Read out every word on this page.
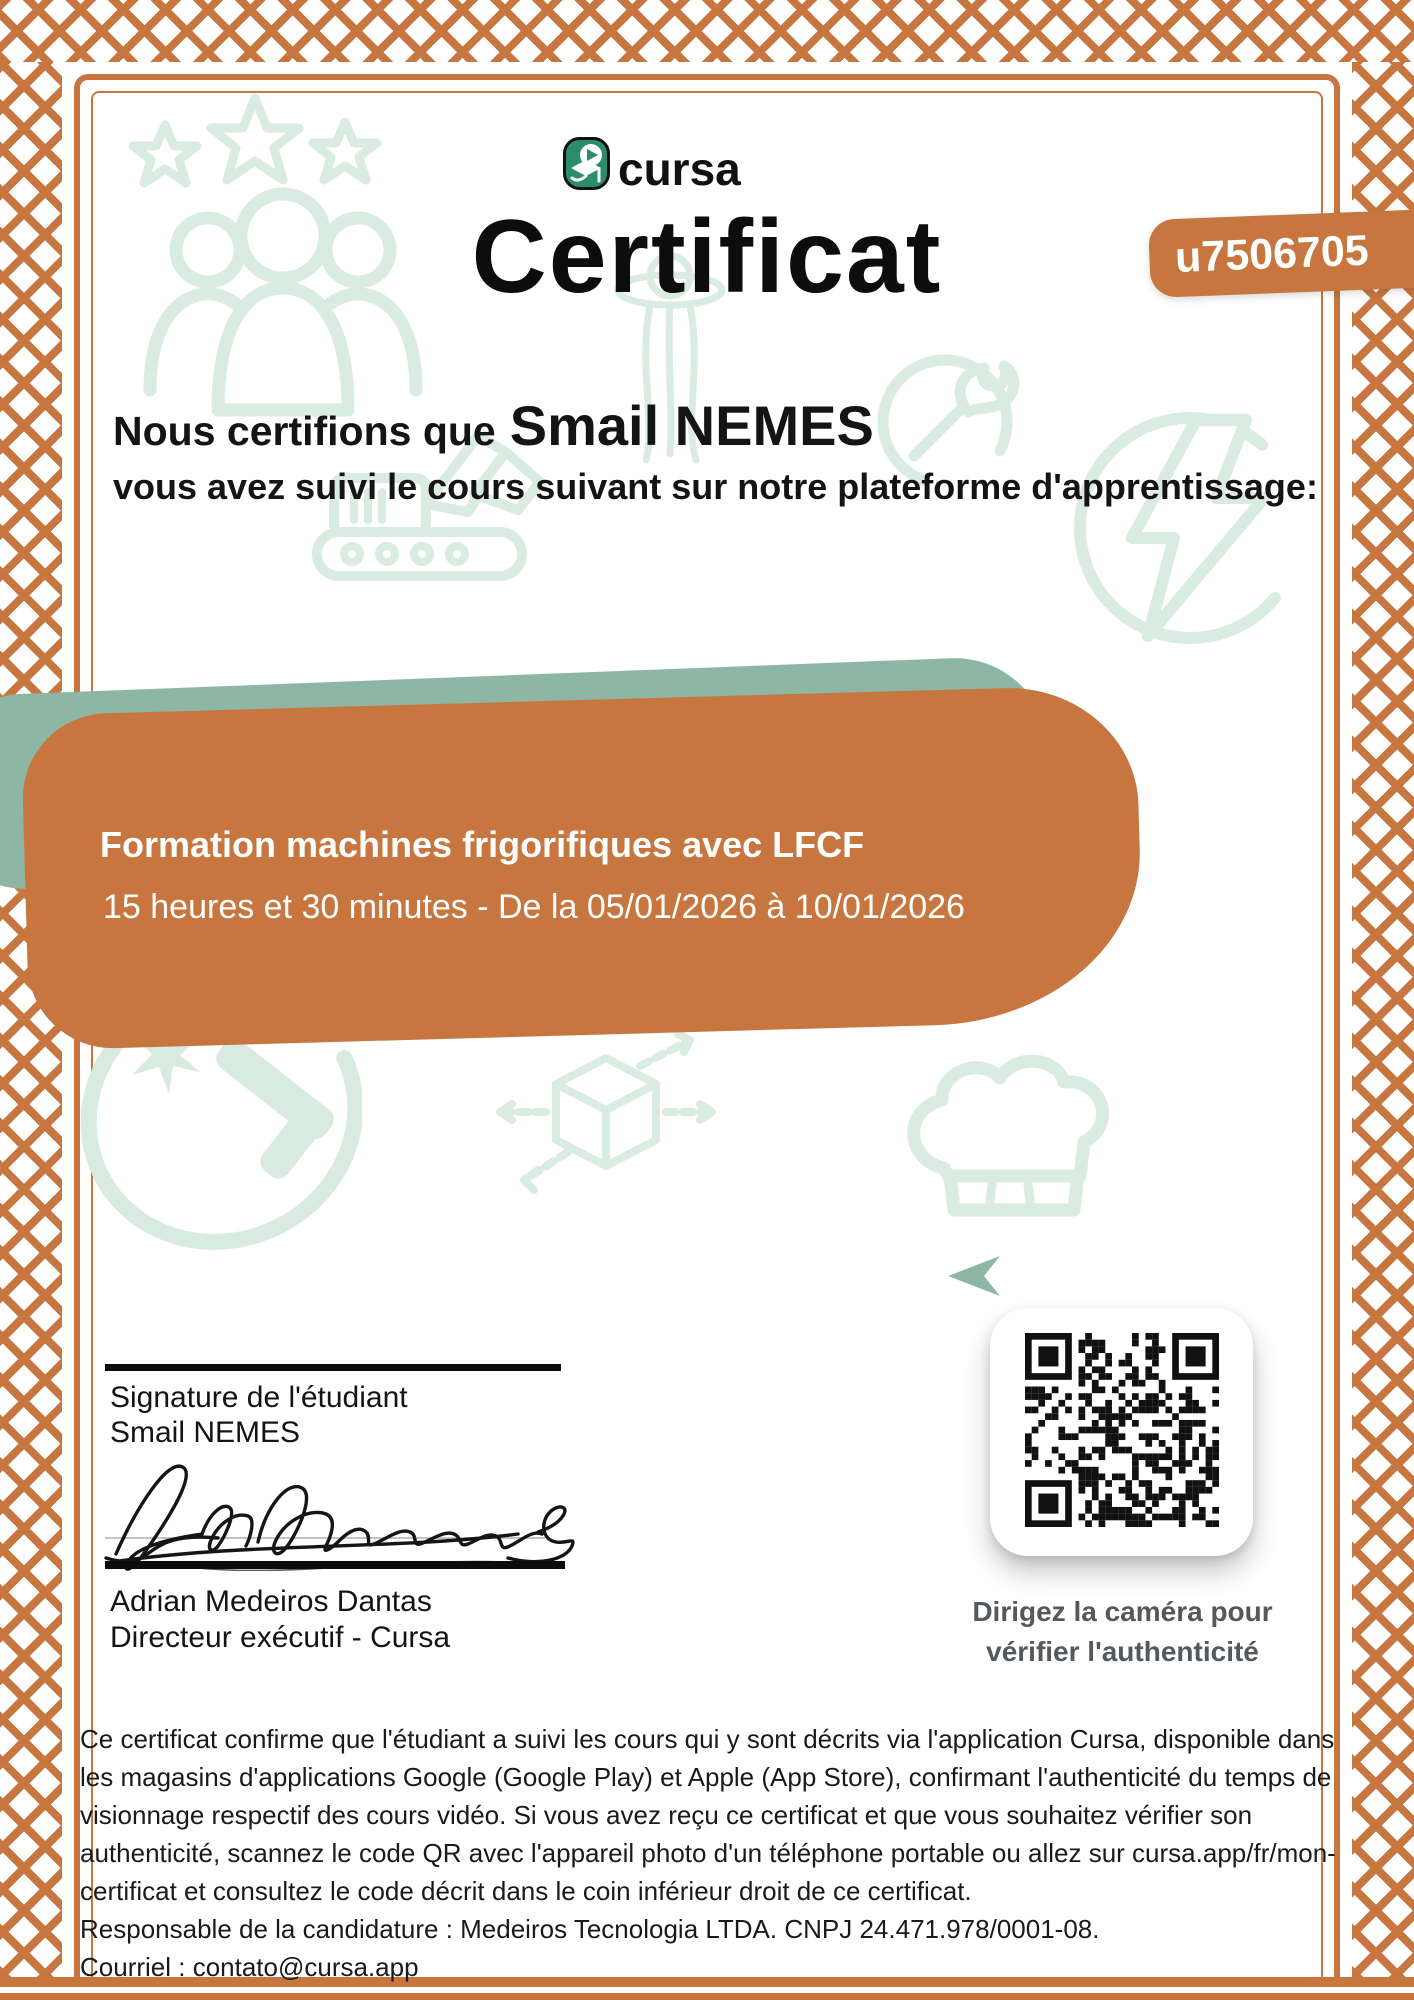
cursa
Certificat	u7506705
Nous certifions que Smail NEMES
vous avez suivi le cours suivant sur notre plateforme d'apprentissage:
Formation machines frigorifiques avec LFCF
15 heures et 30 minutes - De la 05/01/2026 à 10/01/2026
Signature de l'étudiant
Smail NEMES
Adrian Medeiros Dantas
Directeur exécutif - Cursa
Dirigez la caméra pour
vérifier l'authenticité

Ce certificat confirme que l'étudiant a suivi les cours qui y sont décrits via l'application Cursa, disponible dans les magasins d'applications Google (Google Play) et Apple (App Store), confirmant l'authenticité du temps de visionnage respectif des cours vidéo. Si vous avez reçu ce certificat et que vous souhaitez vérifier son authenticité, scannez le code QR avec l'appareil photo d'un téléphone portable ou allez sur cursa.app/fr/mon-certificat et consultez le code décrit dans le coin inférieur droit de ce certificat.

Responsable de la candidature : Medeiros Tecnologia LTDA. CNPJ 24.471.978/0001-08.

Courriel : contato@cursa.app
